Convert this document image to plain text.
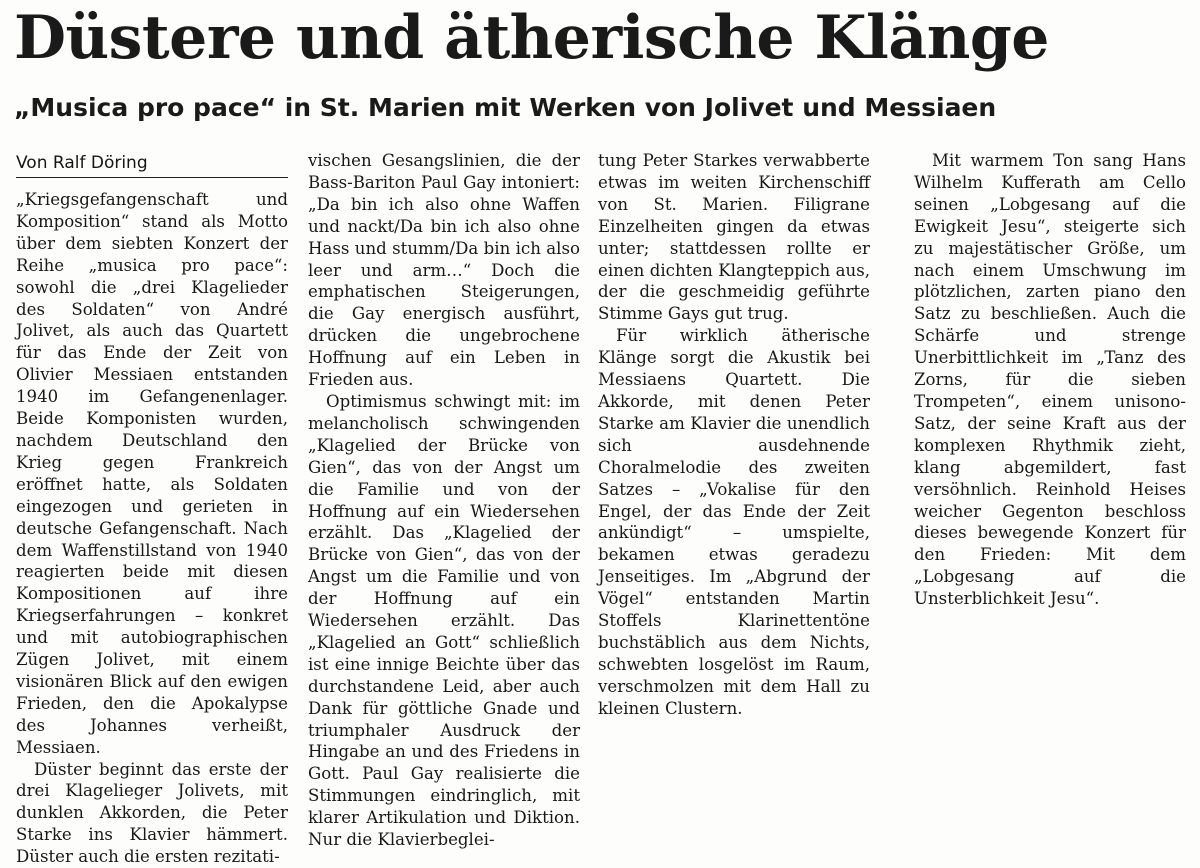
Düstere und ätherische Klänge
„Musica pro pace“ in St. Marien mit Werken von Jolivet und Messiaen
Von Ralf Döring

„Kriegsgefangenschaft und Komposition“ stand als Motto über dem siebten Konzert der Reihe „musica pro pace“: sowohl die „drei Klagelieder des Soldaten“ von André Jolivet, als auch das Quartett für das Ende der Zeit von Olivier Messiaen entstanden 1940 im Gefangenenlager. Beide Komponisten wurden, nachdem Deutschland den Krieg gegen Frankreich eröffnet hatte, als Soldaten eingezogen und gerieten in deutsche Gefangenschaft. Nach dem Waffenstillstand von 1940 reagierten beide mit diesen Kompositionen auf ihre Kriegserfahrungen – konkret und mit autobiographischen Zügen Jolivet, mit einem visionären Blick auf den ewigen Frieden, den die Apokalypse des Johannes verheißt, Messiaen.

Düster beginnt das erste der drei Klagelieger Jolivets, mit dunklen Akkorden, die Peter Starke ins Klavier hämmert. Düster auch die ersten rezitati-

vischen Gesangslinien, die der Bass-Bariton Paul Gay intoniert: „Da bin ich also ohne Waffen und nackt/Da bin ich also ohne Hass und stumm/Da bin ich also leer und arm…“ Doch die emphatischen Steigerungen, die Gay energisch ausführt, drücken die ungebrochene Hoffnung auf ein Leben in Frieden aus.

Optimismus schwingt mit: im melancholisch schwingenden „Klagelied der Brücke von Gien“, das von der Angst um die Familie und von der Hoffnung auf ein Wiedersehen erzählt. Das „Klagelied der Brücke von Gien“, das von der Angst um die Familie und von der Hoffnung auf ein Wiedersehen erzählt. Das „Klagelied an Gott“ schließlich ist eine innige Beichte über das durchstandene Leid, aber auch Dank für göttliche Gnade und triumphaler Ausdruck der Hingabe an und des Friedens in Gott. Paul Gay realisierte die Stimmungen eindringlich, mit klarer Artikulation und Diktion. Nur die Klavierbeglei-

tung Peter Starkes verwabberte etwas im weiten Kirchenschiff von St. Marien. Filigrane Einzelheiten gingen da etwas unter; stattdessen rollte er einen dichten Klangteppich aus, der die geschmeidig geführte Stimme Gays gut trug.

Für wirklich ätherische Klänge sorgt die Akustik bei Messiaens Quartett. Die Akkorde, mit denen Peter Starke am Klavier die unendlich sich ausdehnende Choralmelodie des zweiten Satzes – „Vokalise für den Engel, der das Ende der Zeit ankündigt“ – umspielte, bekamen etwas geradezu Jenseitiges. Im „Abgrund der Vögel“ entstanden Martin Stoffels Klarinettentöne buchstäblich aus dem Nichts, schwebten losgelöst im Raum, verschmolzen mit dem Hall zu kleinen Clustern.

Mit warmem Ton sang Hans Wilhelm Kufferath am Cello seinen „Lobgesang auf die Ewigkeit Jesu“, steigerte sich zu majestätischer Größe, um nach einem Umschwung im plötzlichen, zarten piano den Satz zu beschließen. Auch die Schärfe und strenge Unerbittlichkeit im „Tanz des Zorns, für die sieben Trompeten“, einem unisono-Satz, der seine Kraft aus der komplexen Rhythmik zieht, klang abgemildert, fast versöhnlich. Reinhold Heises weicher Gegenton beschloss dieses bewegende Konzert für den Frieden: Mit dem „Lobgesang auf die Unsterblichkeit Jesu“.
